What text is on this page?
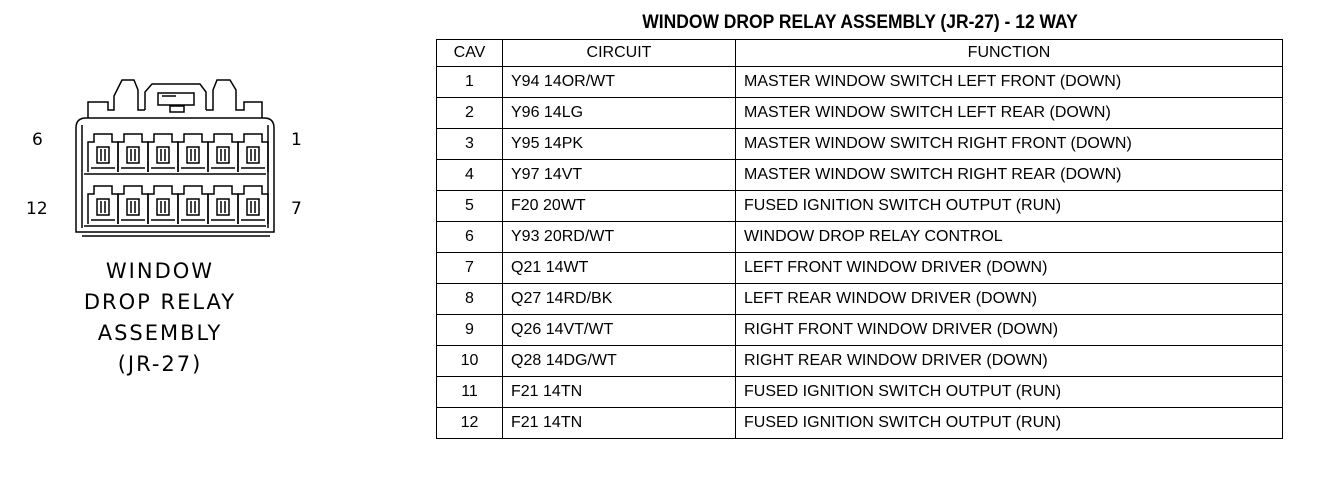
6	1
12	7
WINDOW
DROP RELAY
ASSEMBLY
(JR-27)
WINDOW DROP RELAY ASSEMBLY (JR-27) - 12 WAY
CAV	CIRCUIT	FUNCTION
1	Y94 14OR/WT	MASTER WINDOW SWITCH LEFT FRONT (DOWN)
2	Y96 14LG	MASTER WINDOW SWITCH LEFT REAR (DOWN)
3	Y95 14PK	MASTER WINDOW SWITCH RIGHT FRONT (DOWN)
4	Y97 14VT	MASTER WINDOW SWITCH RIGHT REAR (DOWN)
5	F20 20WT	FUSED IGNITION SWITCH OUTPUT (RUN)
6	Y93 20RD/WT	WINDOW DROP RELAY CONTROL
7	Q21 14WT	LEFT FRONT WINDOW DRIVER (DOWN)
8	Q27 14RD/BK	LEFT REAR WINDOW DRIVER (DOWN)
9	Q26 14VT/WT	RIGHT FRONT WINDOW DRIVER (DOWN)
10	Q28 14DG/WT	RIGHT REAR WINDOW DRIVER (DOWN)
11	F21 14TN	FUSED IGNITION SWITCH OUTPUT (RUN)
12	F21 14TN	FUSED IGNITION SWITCH OUTPUT (RUN)
